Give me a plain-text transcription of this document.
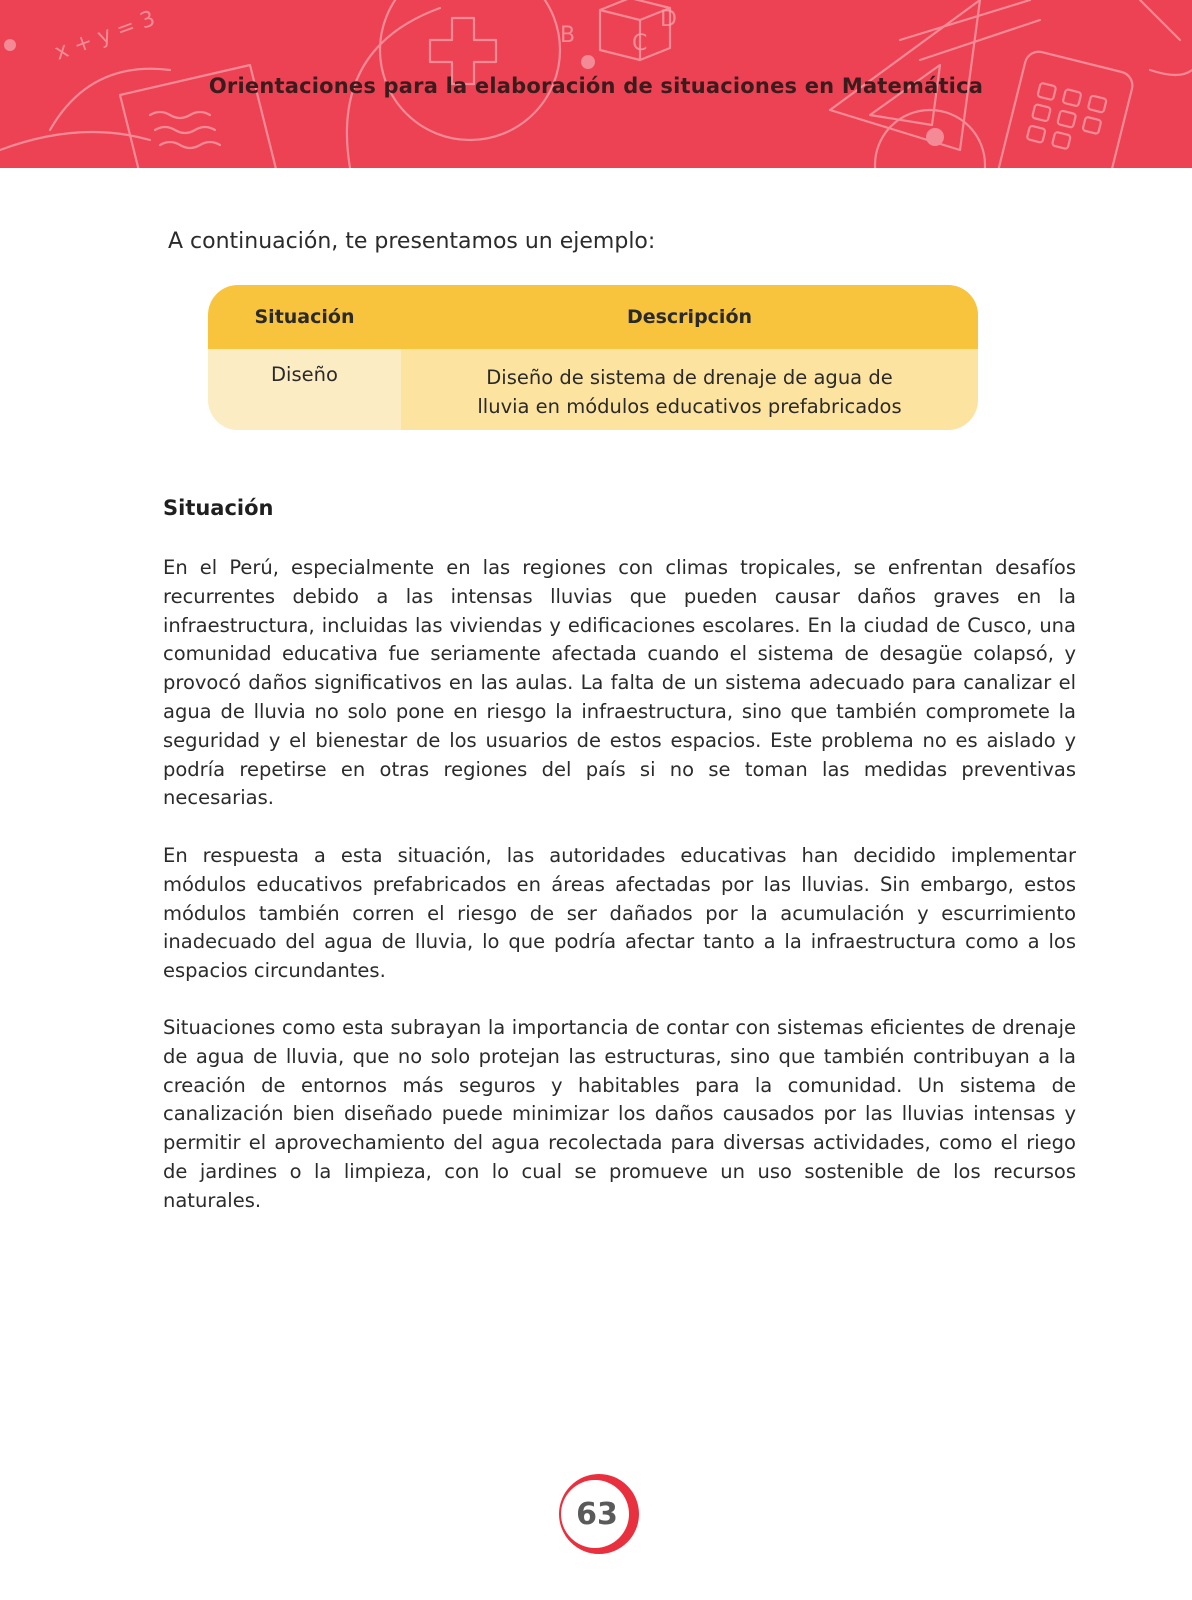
x + y = 3	B	C
D
Orientaciones para la elaboración de situaciones en Matemática
A continuación, te presentamos un ejemplo:
Situación	Descripción
Diseño	Diseño de sistema de drenaje de agua de
lluvia en módulos educativos prefabricados
Situación

En el Perú, especialmente en las regiones con climas tropicales, se enfrentan desafíos recurrentes debido a las intensas lluvias que pueden causar daños graves en la infraestructura, incluidas las viviendas y edificaciones escolares. En la ciudad de Cusco, una comunidad educativa fue seriamente afectada cuando el sistema de desagüe colapsó, y provocó daños significativos en las aulas. La falta de un sistema adecuado para canalizar el agua de lluvia no solo pone en riesgo la infraestructura, sino que también compromete la seguridad y el bienestar de los usuarios de estos espacios. Este problema no es aislado y podría repetirse en otras regiones del país si no se toman las medidas preventivas necesarias.

En respuesta a esta situación, las autoridades educativas han decidido implementar módulos educativos prefabricados en áreas afectadas por las lluvias. Sin embargo, estos módulos también corren el riesgo de ser dañados por la acumulación y escurrimiento inadecuado del agua de lluvia, lo que podría afectar tanto a la infraestructura como a los espacios circundantes.

Situaciones como esta subrayan la importancia de contar con sistemas eficientes de drenaje de agua de lluvia, que no solo protejan las estructuras, sino que también contribuyan a la creación de entornos más seguros y habitables para la comunidad. Un sistema de canalización bien diseñado puede minimizar los daños causados por las lluvias intensas y permitir el aprovechamiento del agua recolectada para diversas actividades, como el riego de jardines o la limpieza, con lo cual se promueve un uso sostenible de los recursos naturales.

63
